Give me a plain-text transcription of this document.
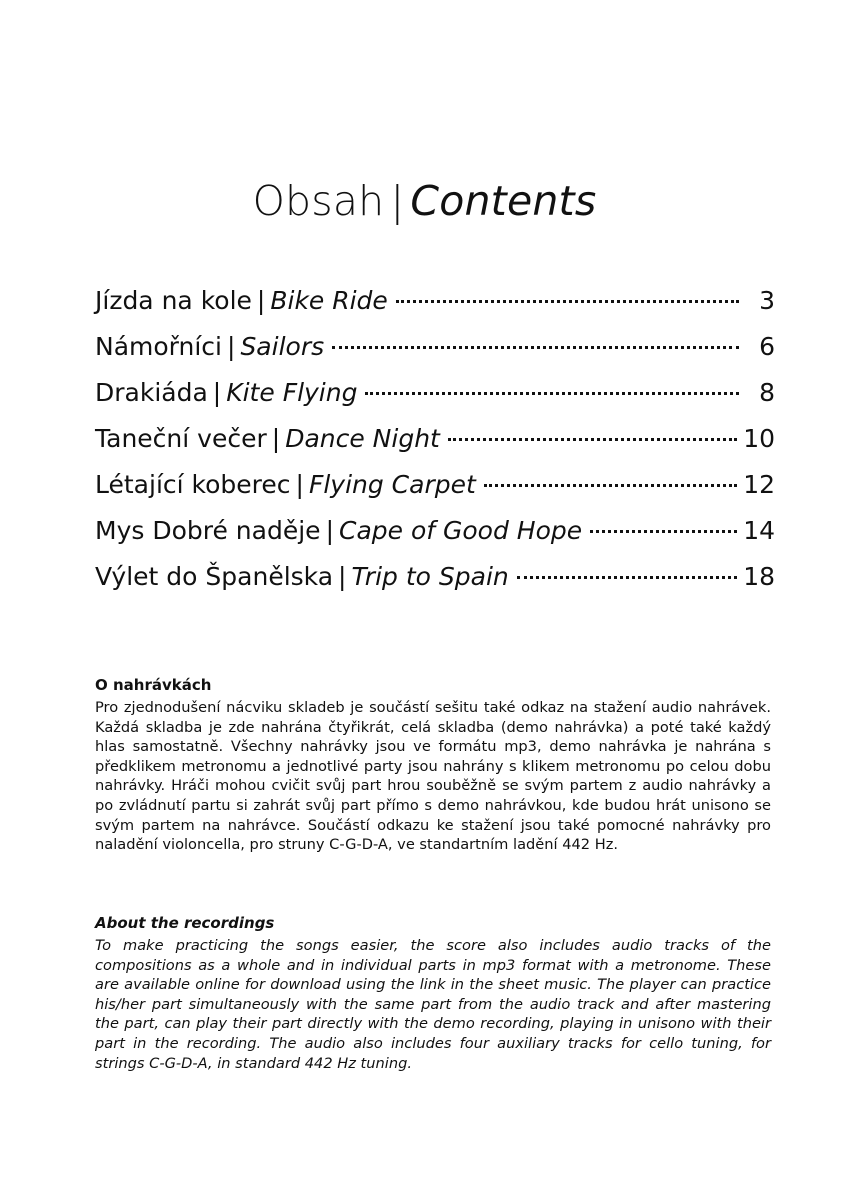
Obsah | Contents
Jízda na kole | Bike Ride	3
Námořníci | Sailors	6
Drakiáda | Kite Flying	8
Taneční večer | Dance Night	10
Létající koberec | Flying Carpet	12
Mys Dobré naděje | Cape of Good Hope	14
Výlet do Španělska | Trip to Spain	18
O nahrávkách

Pro zjednodušení nácviku skladeb je součástí sešitu také odkaz na stažení audio nahrávek. Každá skladba je zde nahrána čtyřikrát, celá skladba (demo nahrávka) a poté také každý hlas samostatně. Všechny nahrávky jsou ve formátu mp3, demo nahrávka je nahrána s předklikem metronomu a jednotlivé party jsou nahrány s klikem metronomu po celou dobu nahrávky. Hráči mohou cvičit svůj part hrou souběžně se svým partem z audio nahrávky a po zvládnutí partu si zahrát svůj part přímo s demo nahrávkou, kde budou hrát unisono se svým partem na nahrávce. Součástí odkazu ke stažení jsou také pomocné nahrávky pro naladění violoncella, pro struny C-G-D-A, ve standartním ladění 442 Hz.

About the recordings

To make practicing the songs easier, the score also includes audio tracks of the compositions as a whole and in individual parts in mp3 format with a metronome. These are available online for download using the link in the sheet music. The player can practice his/her part simultaneously with the same part from the audio track and after mastering the part, can play their part directly with the demo recording, playing in unisono with their part in the recording. The audio also includes four auxiliary tracks for cello tuning, for strings C-G-D-A, in standard 442 Hz tuning.
